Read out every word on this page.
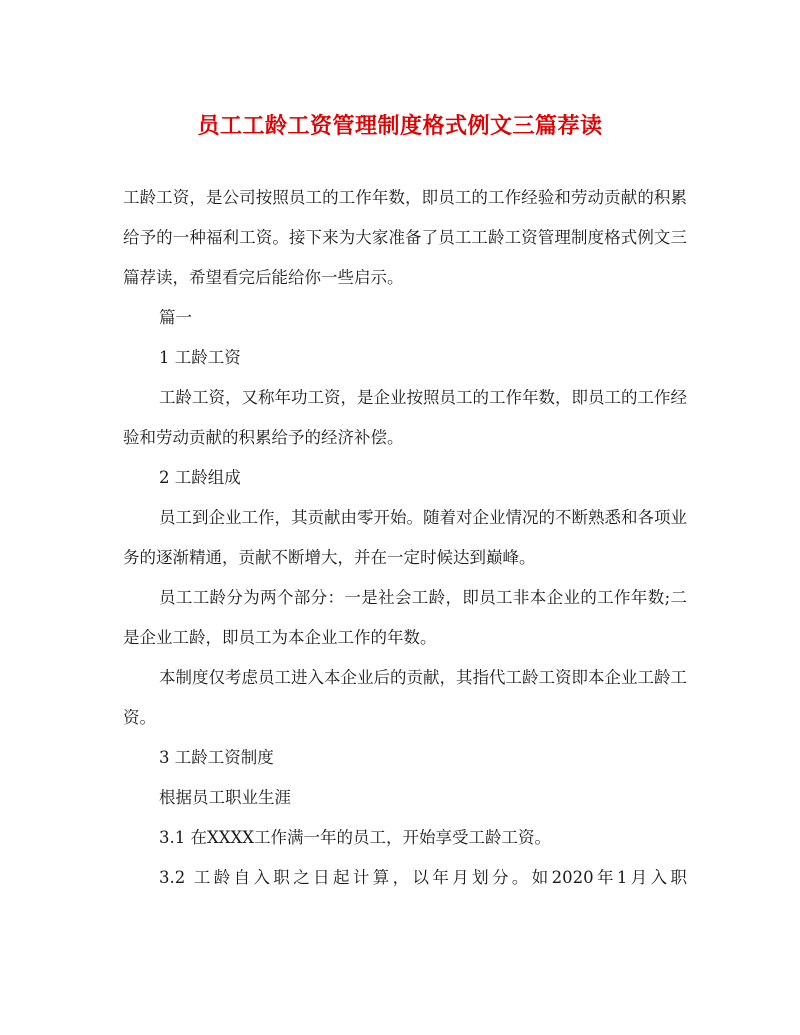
员工工龄工资管理制度格式例文三篇荐读

工龄工资，是公司按照员工的工作年数，即员工的工作经验和劳动贡献的积累给予的一种福利工资。接下来为大家准备了员工工龄工资管理制度格式例文三篇荐读，希望看完后能给你一些启示。

篇一

1 工龄工资

工龄工资，又称年功工资，是企业按照员工的工作年数，即员工的工作经验和劳动贡献的积累给予的经济补偿。

2 工龄组成

员工到企业工作，其贡献由零开始。随着对企业情况的不断熟悉和各项业务的逐渐精通，贡献不断增大，并在一定时候达到巅峰。

员工工龄分为两个部分：一是社会工龄，即员工非本企业的工作年数;二是企业工龄，即员工为本企业工作的年数。

本制度仅考虑员工进入本企业后的贡献，其指代工龄工资即本企业工龄工资。

3 工龄工资制度

根据员工职业生涯

3.1 在XXXX工作满一年的员工，开始享受工龄工资。

3.2 工龄自入职之日起计算，以年月划分。如2020年1月入职
